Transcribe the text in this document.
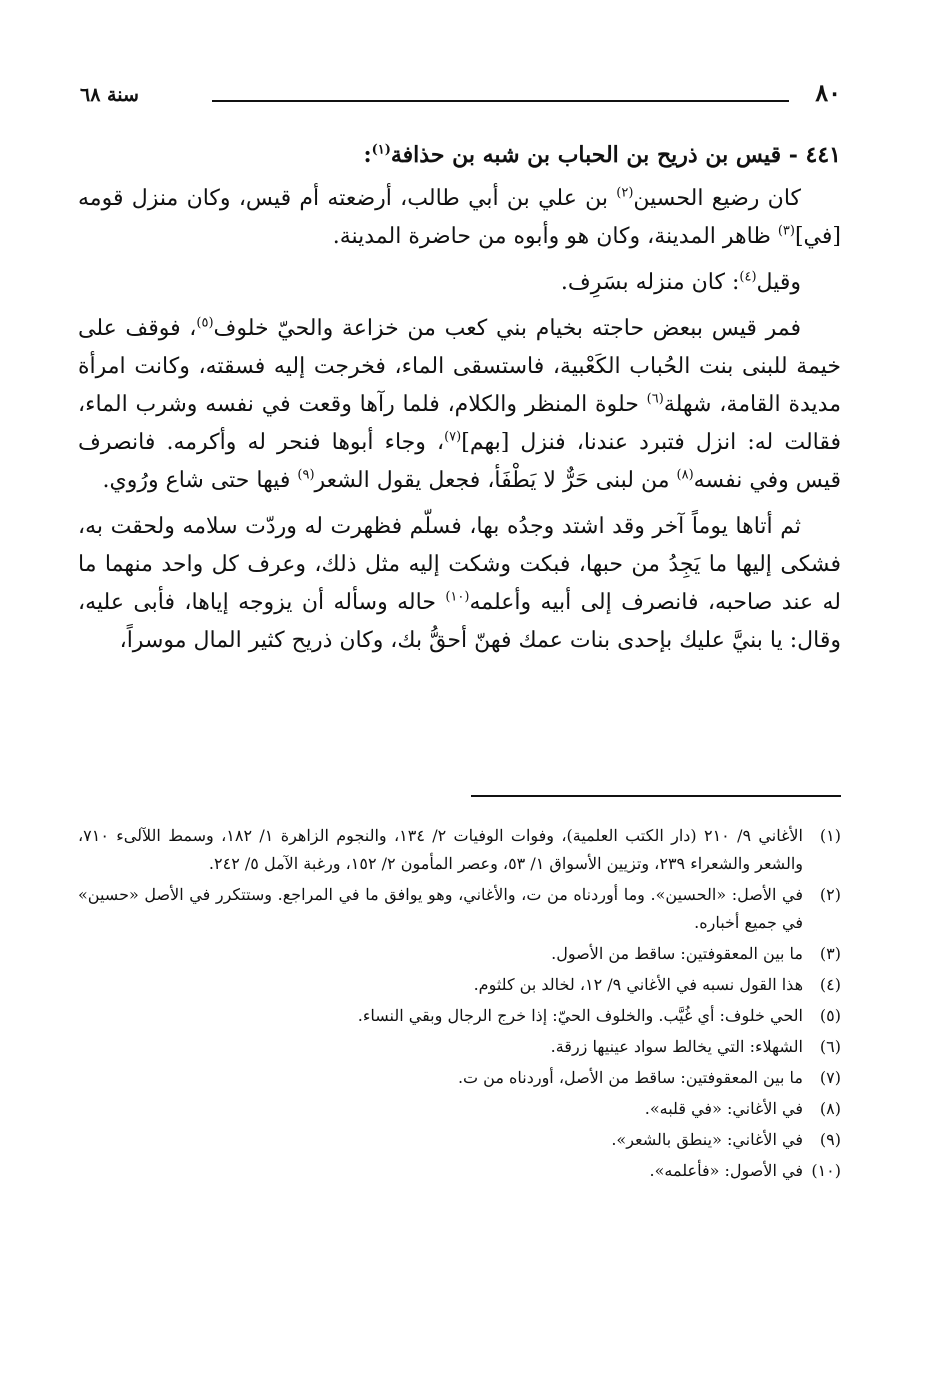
٨٠
سنة ٦٨

٤٤١ - قيس بن ذريح بن الحباب بن شبه بن حذافة$^{(١)}$:

كان رضيع الحسين$^{(٢)}$ بن علي بن أبي طالب، أرضعته أم قيس، وكان منزل قومه [في]$^{(٣)}$ ظاهر المدينة، وكان هو وأبوه من حاضرة المدينة.

وقيل$^{(٤)}$: كان منزله بسَرِف.

فمر قيس ببعض حاجته بخيام بني كعب من خزاعة والحيّ خلوف$^{(٥)}$، فوقف على خيمة للبنى بنت الحُباب الكَعْبية، فاستسقى الماء، فخرجت إليه فسقته، وكانت امرأة مديدة القامة، شهلة$^{(٦)}$ حلوة المنظر والكلام، فلما رآها وقعت في نفسه وشرب الماء، فقالت له: انزل فتبرد عندنا، فنزل [بهم]$^{(٧)}$، وجاء أبوها فنحر له وأكرمه. فانصرف قيس وفي نفسه$^{(٨)}$ من لبنى حَرٌّ لا يَطْفَأ، فجعل يقول الشعر$^{(٩)}$ فيها حتى شاع ورُوي.

ثم أتاها يوماً آخر وقد اشتد وجدُه بها، فسلّم فظهرت له وردّت سلامه ولحقت به، فشكى إليها ما يَجِدُ من حبها، فبكت وشكت إليه مثل ذلك، وعرف كل واحد منهما ما له عند صاحبه، فانصرف إلى أبيه وأعلمه$^{(١٠)}$ حاله وسأله أن يزوجه إياها، فأبى عليه، وقال: يا بنيَّ عليك بإحدى بنات عمك فهنّ أحقُّ بك، وكان ذريح كثير المال موسراً،

(١)
الأغاني ٩/ ٢١٠ (دار الكتب العلمية)، وفوات الوفيات ٢/ ١٣٤، والنجوم الزاهرة ١/ ١٨٢، وسمط اللآلىء ٧١٠، والشعر والشعراء ٢٣٩، وتزيين الأسواق ١/ ٥٣، وعصر المأمون ٢/ ١٥٢، ورغبة الآمل ٥/ ٢٤٢.

(٢)
في الأصل: «الحسين». وما أوردناه من ت، والأغاني، وهو يوافق ما في المراجع. وستتكرر في الأصل «حسين» في جميع أخباره.

(٣)
ما بين المعقوفتين: ساقط من الأصول.

(٤)
هذا القول نسبه في الأغاني ٩/ ١٢، لخالد بن كلثوم.

(٥)
الحي خلوف: أي غُيَّب. والخلوف الحيّ: إذا خرج الرجال وبقي النساء.

(٦)
الشهلاء: التي يخالط سواد عينيها زرقة.

(٧)
ما بين المعقوفتين: ساقط من الأصل، أوردناه من ت.

(٨)
في الأغاني: «في قلبه».

(٩)
في الأغاني: «ينطق بالشعر».

(١٠)
في الأصول: «فأعلمه».
